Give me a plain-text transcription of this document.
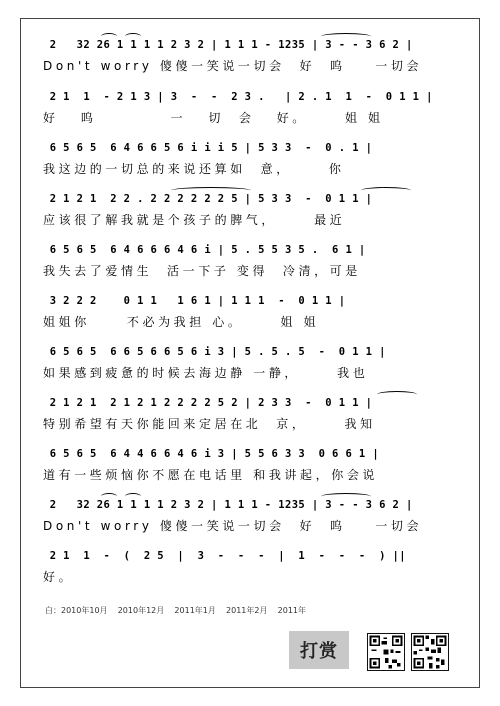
2   32 26 1 1 1 1 2 3 2 | 1 1 1 - 1235 | 3 - - 3 6 2 |
Don't worry 傻傻一笑说一切会  好  呜    一切会
2 1  1  - 2 1 3 | 3  -  -  2 3 .   | 2 . 1  1  -  0 1 1 |
好   呜          一   切  会   好。     姐 姐
6 5 6 5  6 4 6 6 5 6 i i i 5 | 5 3 3  -  0 . 1 |
我这边的一切总的来说还算如  意，     你
2 1 2 1  2 2 . 2 2 2 2 2 2 5 | 5 3 3  -  0 1 1 |
应该很了解我就是个孩子的脾气，     最近
6 5 6 5  6 4 6 6 6 4 6 i | 5 . 5 5 3 5 .  6 1 |
我失去了爱情生  活一下子 变得  冷清，可是
3 2 2 2    0 1 1   1 6 1 | 1 1 1  -  0 1 1 |
姐姐你     不必为我担 心。     姐 姐
6 5 6 5  6 6 5 6 6 5 6 i 3 | 5 . 5 . 5  -  0 1 1 |
如果感到疲惫的时候去海边静 一静，     我也
2 1 2 1  2 1 2 1 2 2 2 2 5 2 | 2 3 3  -  0 1 1 |
特别希望有天你能回来定居在北  京，     我知
6 5 6 5  6 4 4 6 6 4 6 i 3 | 5 5 6 3 3  0 6 6 1 |
道有一些烦恼你不愿在电话里 和我讲起，你会说
2   32 26 1 1 1 1 2 3 2 | 1 1 1 - 1235 | 3 - - 3 6 2 |
Don't worry 傻傻一笑说一切会  好  呜    一切会
2 1  1  -  (  2 5  |  3  -  -  -  |  1  -  -  -  ) ||
好。
白：2010年10月    2010年12月    2011年1月    2011年2月    2011年
打赏
